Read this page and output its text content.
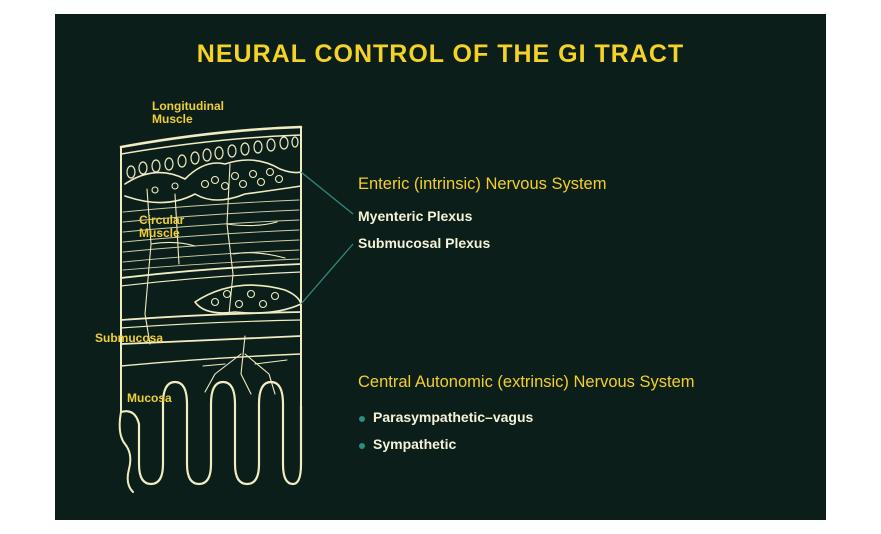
NEURAL CONTROL OF THE GI TRACT
Longitudinal
Muscle
Circular
Muscle
Submucosa
Mucosa
Enteric (intrinsic) Nervous System
Myenteric Plexus
Submucosal Plexus
Central Autonomic (extrinsic) Nervous System
Parasympathetic–vagus
Sympathetic
